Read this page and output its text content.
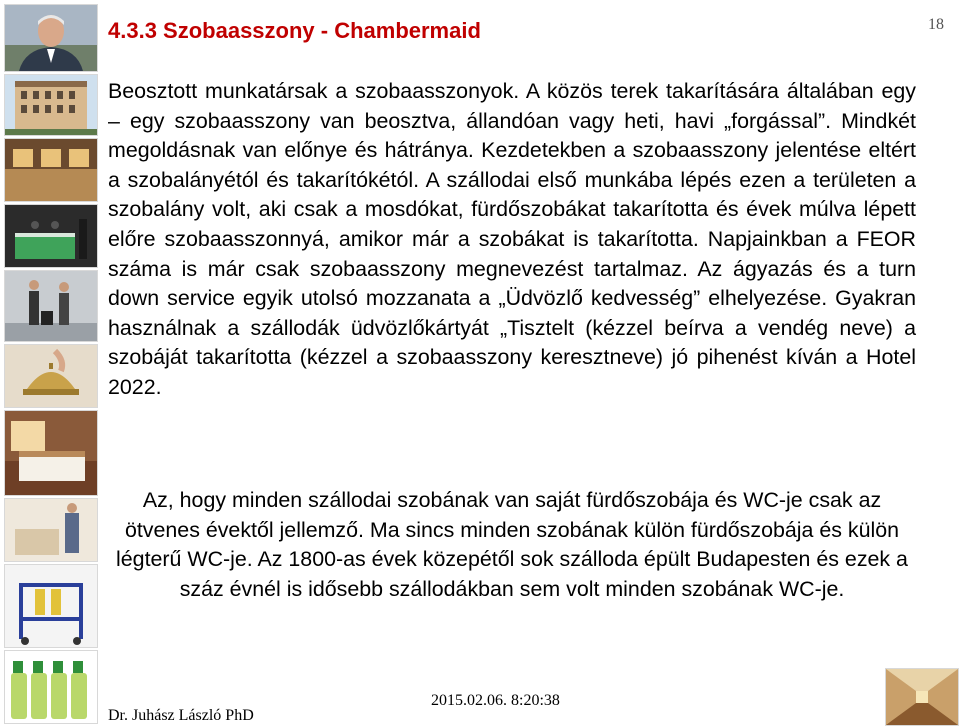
4.3.3 Szobaasszony - Chambermaid	18
Beosztott munkatársak a szobaasszonyok. A közös terek takarítására általában egy – egy szobaasszony van beosztva, állandóan vagy heti, havi „forgással”. Mindkét megoldásnak van előnye és hátránya. Kezdetekben a szobaasszony jelentése eltért a szobalányétól és takarítókétól. A szállodai első munkába lépés ezen a területen a szobalány volt, aki csak a mosdókat, fürdőszobákat takarította és évek múlva lépett előre szobaasszonnyá, amikor már a szobákat is takarította. Napjainkban a FEOR száma is már csak szobaasszony megnevezést tartalmaz. Az ágyazás és a turn down service egyik utolsó mozzanata a „Üdvözlő kedvesség” elhelyezése. Gyakran használnak a szállodák üdvözlőkártyát „Tisztelt (kézzel beírva a vendég neve) a szobáját takarította (kézzel a szobaasszony keresztneve) jó pihenést kíván a Hotel 2022.
Az, hogy minden szállodai szobának van saját fürdőszobája és WC-je csak az ötvenes évektől jellemző. Ma sincs minden szobának külön fürdőszobája és külön légterű WC-je. Az 1800-as évek közepétől sok szálloda épült Budapesten és ezek a száz évnél is idősebb szállodákban sem volt minden szobának WC-je.
2015.02.06. 8:20:38
Dr. Juhász László PhD
